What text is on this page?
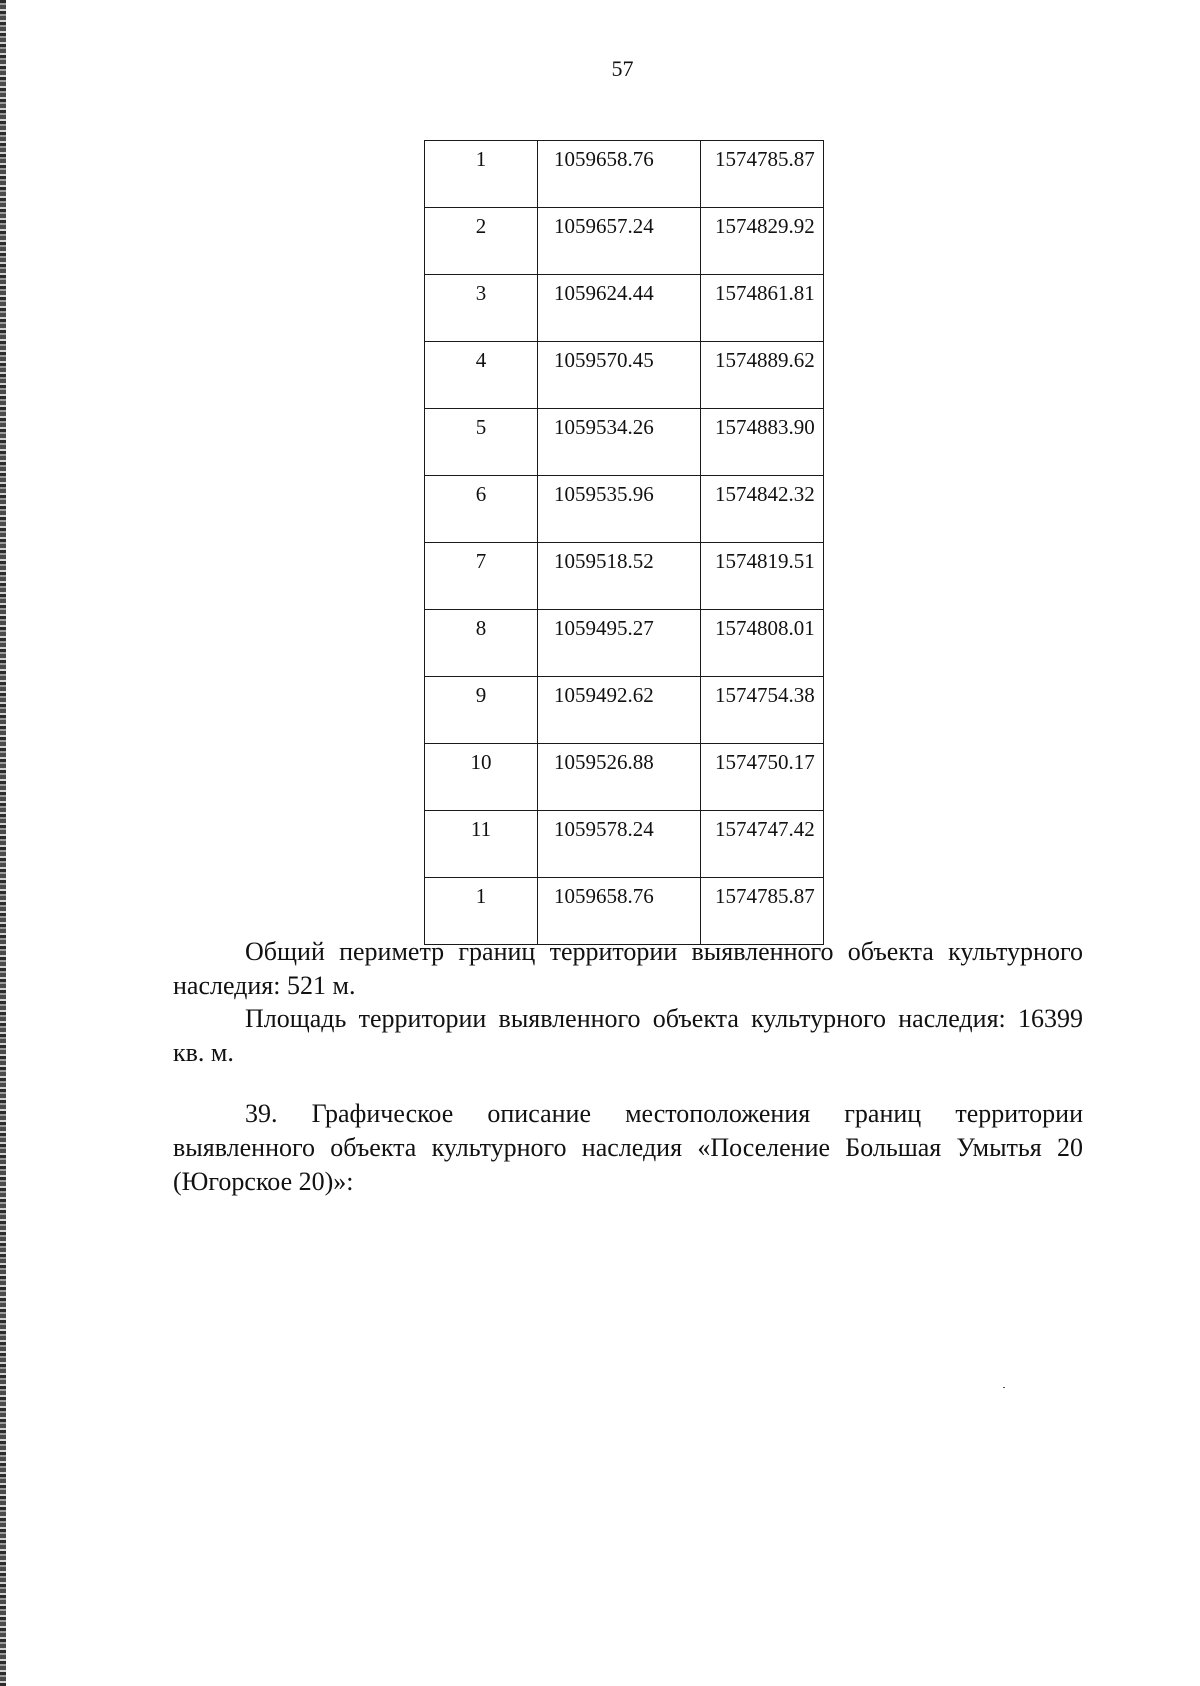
57
1	1059658.76	1574785.87
2	1059657.24	1574829.92
3	1059624.44	1574861.81
4	1059570.45	1574889.62
5	1059534.26	1574883.90
6	1059535.96	1574842.32
7	1059518.52	1574819.51
8	1059495.27	1574808.01
9	1059492.62	1574754.38
10	1059526.88	1574750.17
11	1059578.24	1574747.42
1	1059658.76	1574785.87
Общий периметр границ территории выявленного объекта культурного наследия: 521 м.
Площадь территории выявленного объекта культурного наследия: 16399 кв. м.
39. Графическое описание местоположения границ территории выявленного объекта культурного наследия «Поселение Большая Умытья 20 (Югорское 20)»:
